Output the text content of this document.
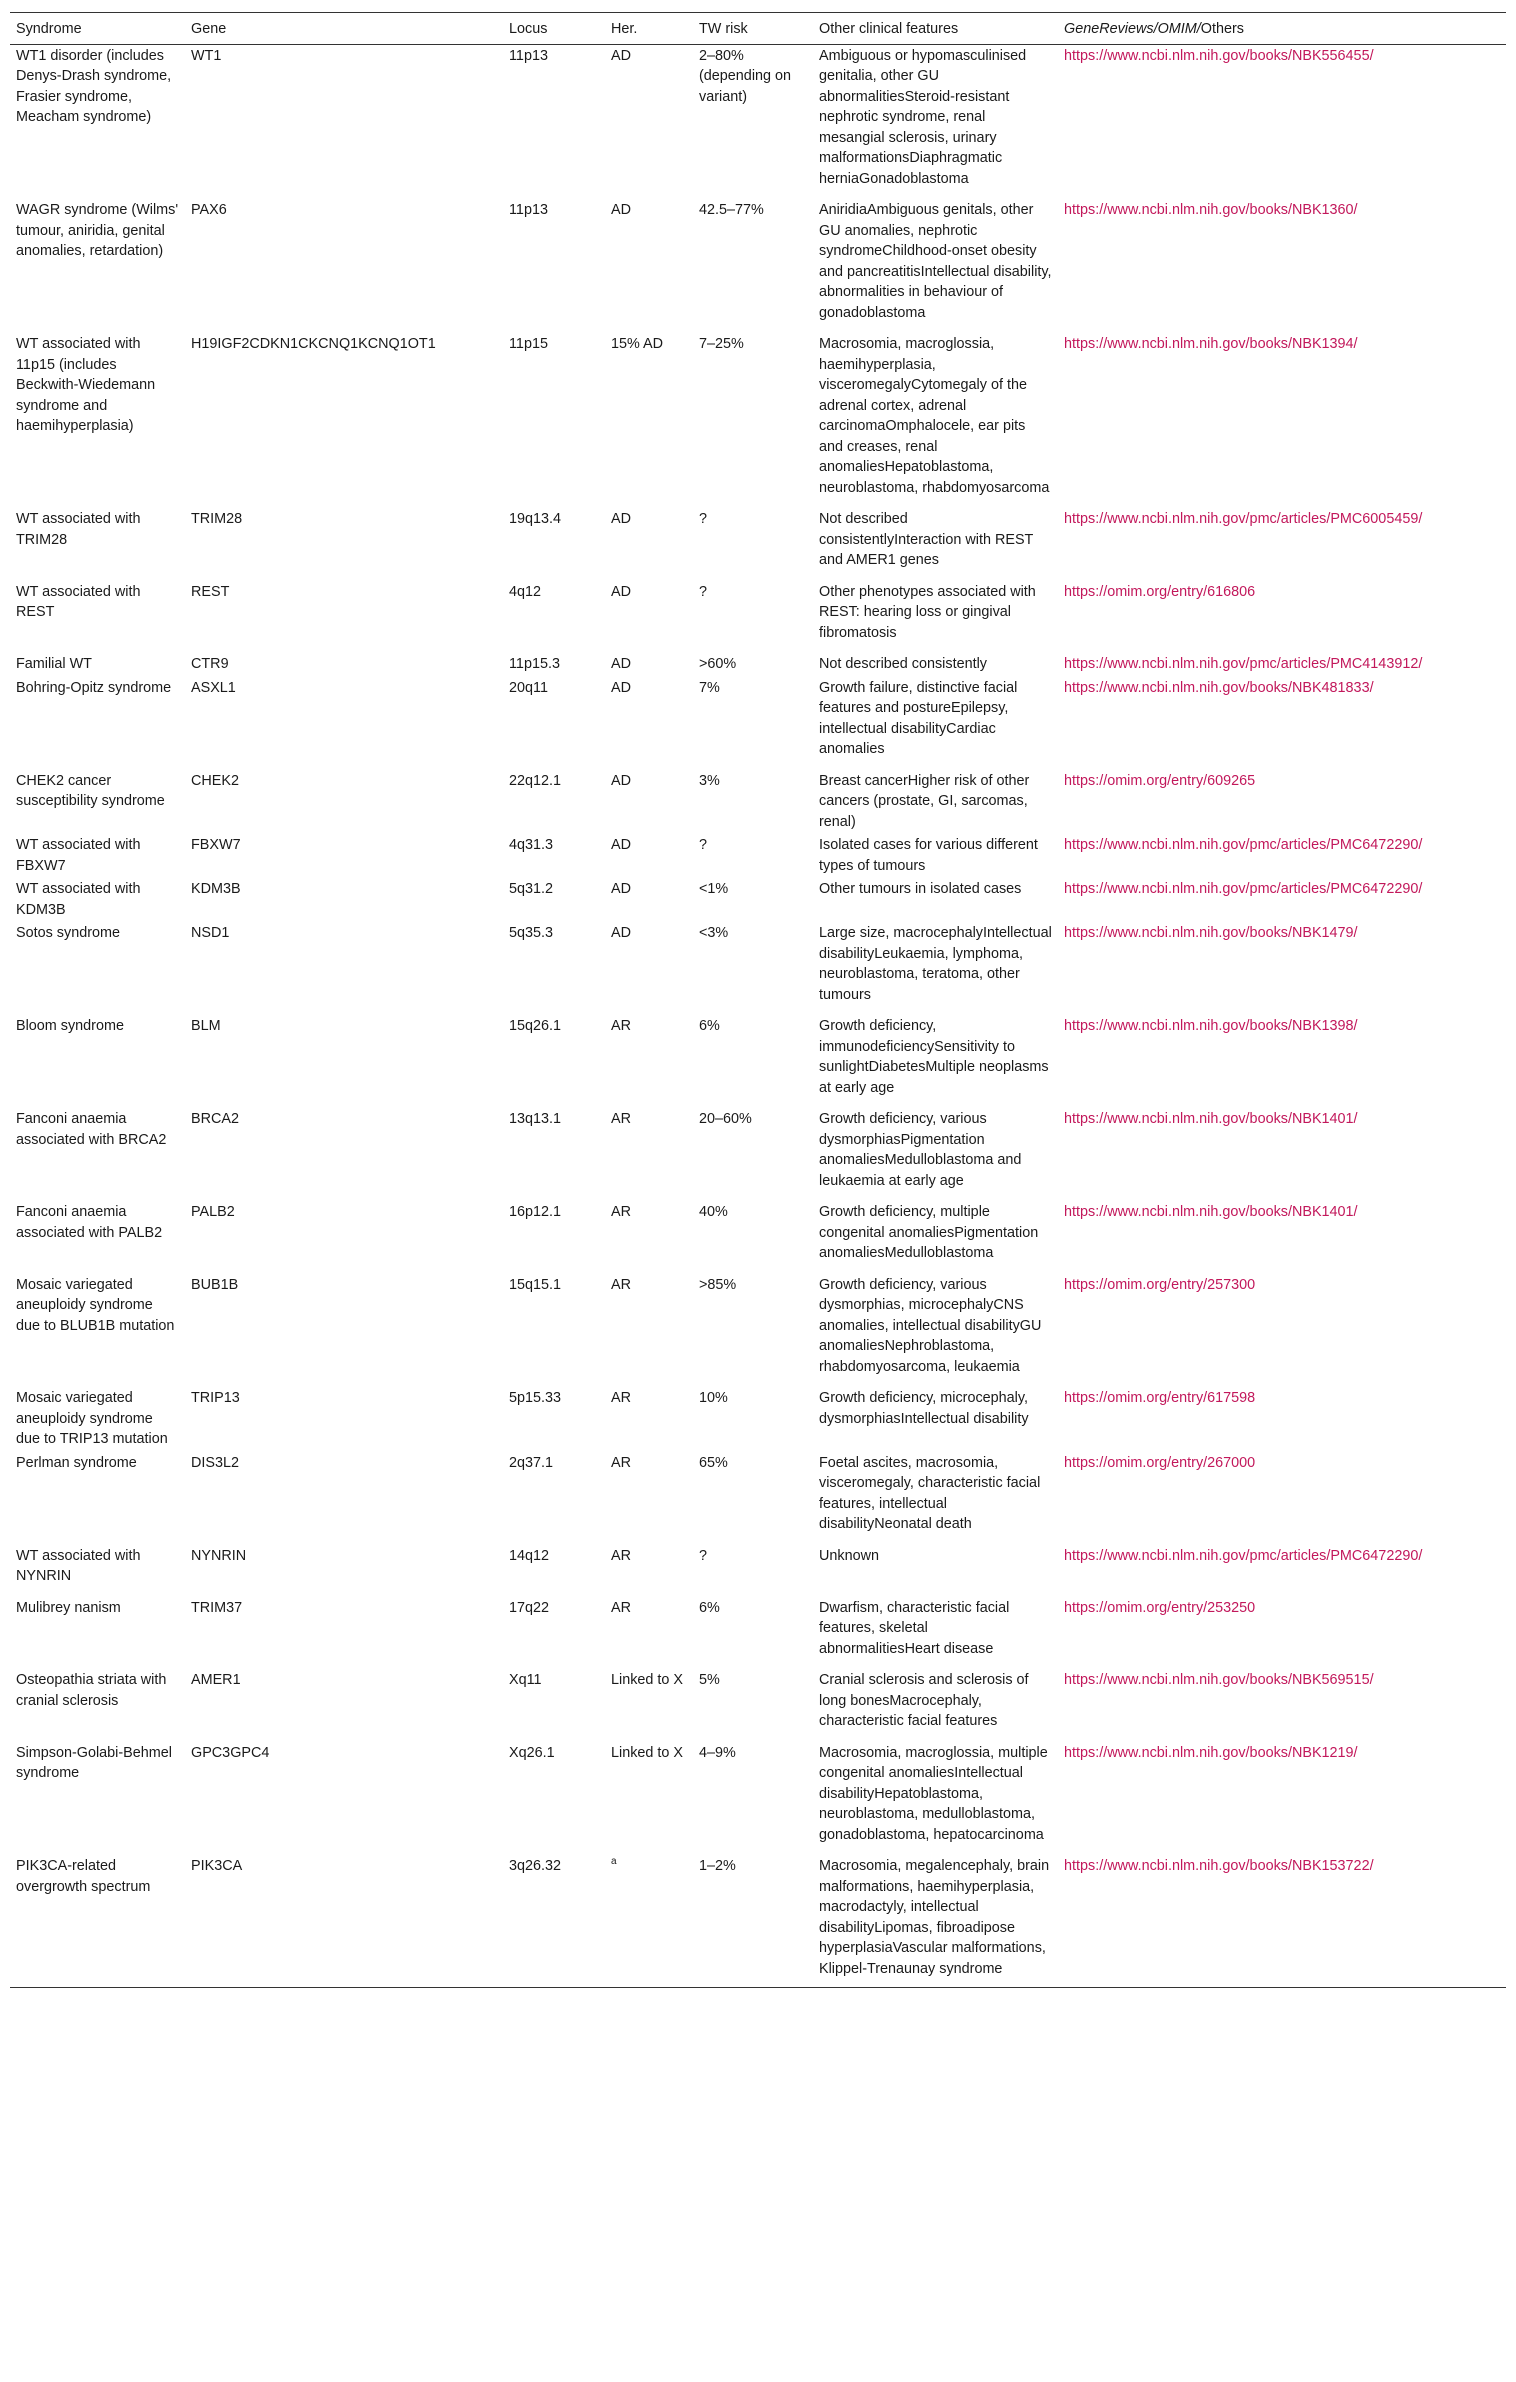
Syndrome	Gene	Locus	Her.	TW risk	Other clinical features	GeneReviews/OMIM/Others
WT1 disorder (includes Denys-Drash syndrome, Frasier syndrome, Meacham syndrome)	WT1	11p13	AD	2–80% (depending on variant)	Ambiguous or hypomasculinised genitalia, other GU abnormalitiesSteroid-resistant nephrotic syndrome, renal mesangial sclerosis, urinary malformationsDiaphragmatic herniaGonadoblastoma	https://www.ncbi.nlm.nih.gov/books/NBK556455/
WAGR syndrome (Wilms' tumour, aniridia, genital anomalies, retardation)	PAX6	11p13	AD	42.5–77%	AniridiaAmbiguous genitals, other GU anomalies, nephrotic syndromeChildhood-onset obesity and pancreatitisIntellectual disability, abnormalities in behaviour of gonadoblastoma	https://www.ncbi.nlm.nih.gov/books/NBK1360/
WT associated with 11p15 (includes Beckwith-Wiedemann syndrome and haemihyperplasia)	H19IGF2CDKN1CKCNQ1KCNQ1OT1	11p15	15% AD	7–25%	Macrosomia, macroglossia, haemihyperplasia, visceromegalyCytomegaly of the adrenal cortex, adrenal carcinomaOmphalocele, ear pits and creases, renal anomaliesHepatoblastoma, neuroblastoma, rhabdomyosarcoma	https://www.ncbi.nlm.nih.gov/books/NBK1394/
WT associated with TRIM28	TRIM28	19q13.4	AD	?	Not described consistentlyInteraction with REST and AMER1 genes	https://www.ncbi.nlm.nih.gov/pmc/articles/PMC6005459/
WT associated with REST	REST	4q12	AD	?	Other phenotypes associated with REST: hearing loss or gingival fibromatosis	https://omim.org/entry/616806
Familial WT	CTR9	11p15.3	AD	>60%	Not described consistently	https://www.ncbi.nlm.nih.gov/pmc/articles/PMC4143912/
Bohring-Opitz syndrome	ASXL1	20q11	AD	7%	Growth failure, distinctive facial features and postureEpilepsy, intellectual disabilityCardiac anomalies	https://www.ncbi.nlm.nih.gov/books/NBK481833/
CHEK2 cancer susceptibility syndrome	CHEK2	22q12.1	AD	3%	Breast cancerHigher risk of other cancers (prostate, GI, sarcomas, renal)	https://omim.org/entry/609265
WT associated with FBXW7	FBXW7	4q31.3	AD	?	Isolated cases for various different types of tumours	https://www.ncbi.nlm.nih.gov/pmc/articles/PMC6472290/
WT associated with KDM3B	KDM3B	5q31.2	AD	<1%	Other tumours in isolated cases	https://www.ncbi.nlm.nih.gov/pmc/articles/PMC6472290/
Sotos syndrome	NSD1	5q35.3	AD	<3%	Large size, macrocephalyIntellectual disabilityLeukaemia, lymphoma, neuroblastoma, teratoma, other tumours	https://www.ncbi.nlm.nih.gov/books/NBK1479/
Bloom syndrome	BLM	15q26.1	AR	6%	Growth deficiency, immunodeficiencySensitivity to sunlightDiabetesMultiple neoplasms at early age	https://www.ncbi.nlm.nih.gov/books/NBK1398/
Fanconi anaemia associated with BRCA2	BRCA2	13q13.1	AR	20–60%	Growth deficiency, various dysmorphiasPigmentation anomaliesMedulloblastoma and leukaemia at early age	https://www.ncbi.nlm.nih.gov/books/NBK1401/
Fanconi anaemia associated with PALB2	PALB2	16p12.1	AR	40%	Growth deficiency, multiple congenital anomaliesPigmentation anomaliesMedulloblastoma	https://www.ncbi.nlm.nih.gov/books/NBK1401/
Mosaic variegated aneuploidy syndrome due to BLUB1B mutation	BUB1B	15q15.1	AR	>85%	Growth deficiency, various dysmorphias, microcephalyCNS anomalies, intellectual disabilityGU anomaliesNephroblastoma, rhabdomyosarcoma, leukaemia	https://omim.org/entry/257300
Mosaic variegated aneuploidy syndrome due to TRIP13 mutation	TRIP13	5p15.33	AR	10%	Growth deficiency, microcephaly, dysmorphiasIntellectual disability	https://omim.org/entry/617598
Perlman syndrome	DIS3L2	2q37.1	AR	65%	Foetal ascites, macrosomia, visceromegaly, characteristic facial features, intellectual disabilityNeonatal death	https://omim.org/entry/267000
WT associated with NYNRIN	NYNRIN	14q12	AR	?	Unknown	https://www.ncbi.nlm.nih.gov/pmc/articles/PMC6472290/
Mulibrey nanism	TRIM37	17q22	AR	6%	Dwarfism, characteristic facial features, skeletal abnormalitiesHeart disease	https://omim.org/entry/253250
Osteopathia striata with cranial sclerosis	AMER1	Xq11	Linked to X	5%	Cranial sclerosis and sclerosis of long bonesMacrocephaly, characteristic facial features	https://www.ncbi.nlm.nih.gov/books/NBK569515/
Simpson-Golabi-Behmel syndrome	GPC3GPC4	Xq26.1	Linked to X	4–9%	Macrosomia, macroglossia, multiple congenital anomaliesIntellectual disabilityHepatoblastoma, neuroblastoma, medulloblastoma, gonadoblastoma, hepatocarcinoma	https://www.ncbi.nlm.nih.gov/books/NBK1219/
PIK3CA-related overgrowth spectrum	PIK3CA	3q26.32	$^a$	1–2%	Macrosomia, megalencephaly, brain malformations, haemihyperplasia, macrodactyly, intellectual disabilityLipomas, fibroadipose hyperplasiaVascular malformations, Klippel-Trenaunay syndrome	https://www.ncbi.nlm.nih.gov/books/NBK153722/
